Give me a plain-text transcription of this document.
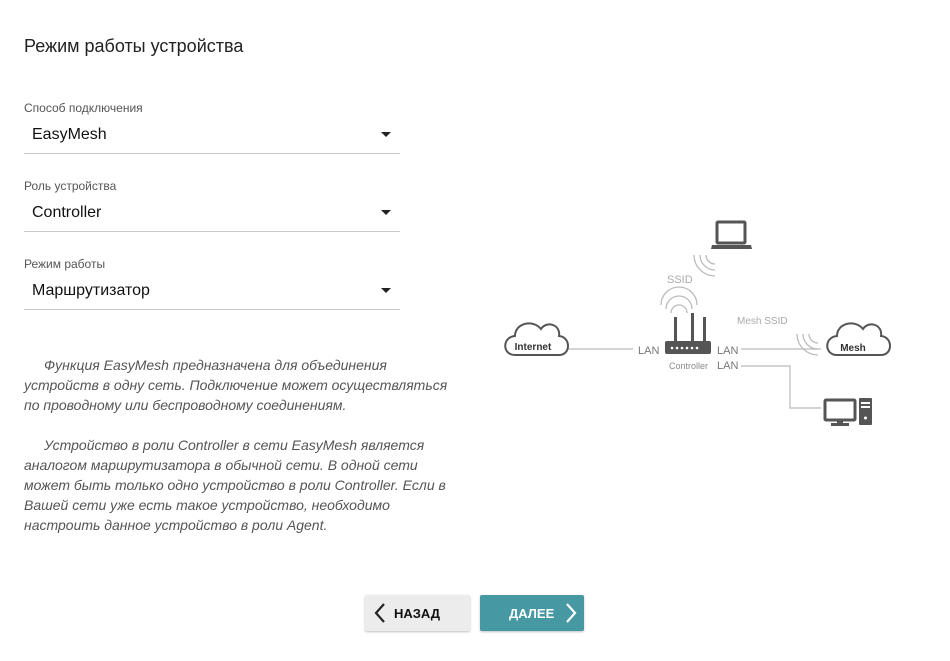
Режим работы устройства
Способ подключения
EasyMesh
Роль устройства
Controller
Режим работы
Маршрутизатор

Функция EasyMesh предназначена для объединения устройств в одну сеть. Подключение может осуществляться по проводному или беспроводному соединениям.

Устройство в роли Controller в сети EasyMesh является аналогом маршрутизатора в обычной сети. В одной сети может быть только одно устройство в роли Controller. Если в Вашей сети уже есть такое устройство, необходимо настроить данное устройство в роли Agent.

Internet	Mesh
SSID
Mesh SSID
LAN	LAN
LAN
Controller
НАЗАД	ДАЛЕЕ
